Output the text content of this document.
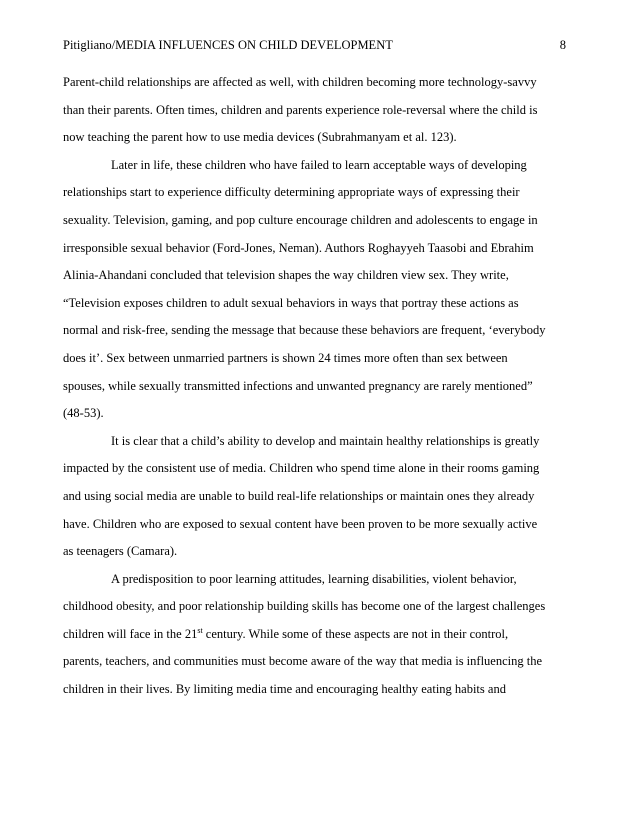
Pitigliano/MEDIA INFLUENCES ON CHILD DEVELOPMENT	8
Parent-child relationships are affected as well, with children becoming more technology-savvy
than their parents. Often times, children and parents experience role-reversal where the child is
now teaching the parent how to use media devices (Subrahmanyam et al. 123).
Later in life, these children who have failed to learn acceptable ways of developing
relationships start to experience difficulty determining appropriate ways of expressing their
sexuality. Television, gaming, and pop culture encourage children and adolescents to engage in
irresponsible sexual behavior (Ford-Jones, Neman). Authors Roghayyeh Taasobi and Ebrahim
Alinia-Ahandani concluded that television shapes the way children view sex. They write,
“Television exposes children to adult sexual behaviors in ways that portray these actions as
normal and risk-free, sending the message that because these behaviors are frequent, ‘everybody
does it’. Sex between unmarried partners is shown 24 times more often than sex between
spouses, while sexually transmitted infections and unwanted pregnancy are rarely mentioned”
(48-53).
It is clear that a child’s ability to develop and maintain healthy relationships is greatly
impacted by the consistent use of media. Children who spend time alone in their rooms gaming
and using social media are unable to build real-life relationships or maintain ones they already
have. Children who are exposed to sexual content have been proven to be more sexually active
as teenagers (Camara).
A predisposition to poor learning attitudes, learning disabilities, violent behavior,
childhood obesity, and poor relationship building skills has become one of the largest challenges
children will face in the 21st century. While some of these aspects are not in their control,
parents, teachers, and communities must become aware of the way that media is influencing the
children in their lives. By limiting media time and encouraging healthy eating habits and
